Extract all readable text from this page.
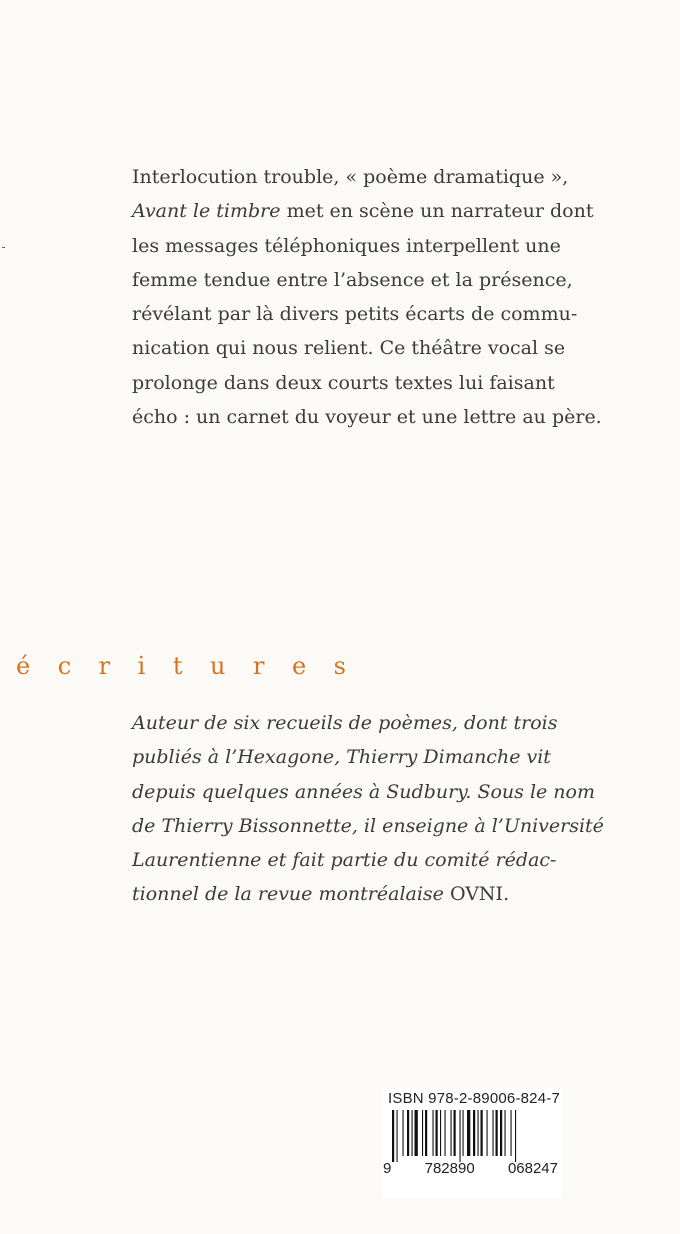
Interlocution trouble, « poème dramatique »,
Avant le timbre met en scène un narrateur dont
les messages téléphoniques interpellent une
femme tendue entre l’absence et la présence,
révélant par là divers petits écarts de commu-
nication qui nous relient. Ce théâtre vocal se
prolonge dans deux courts textes lui faisant
écho : un carnet du voyeur et une lettre au père.
é c r i t u r e s
Auteur de six recueils de poèmes, dont trois
publiés à l’Hexagone, Thierry Dimanche vit
depuis quelques années à Sudbury. Sous le nom
de Thierry Bissonnette, il enseigne à l’Université
Laurentienne et fait partie du comité rédac-
tionnel de la revue montréalaise OVNI.
ISBN 978-2-89006-824-7
9 782890 068247
